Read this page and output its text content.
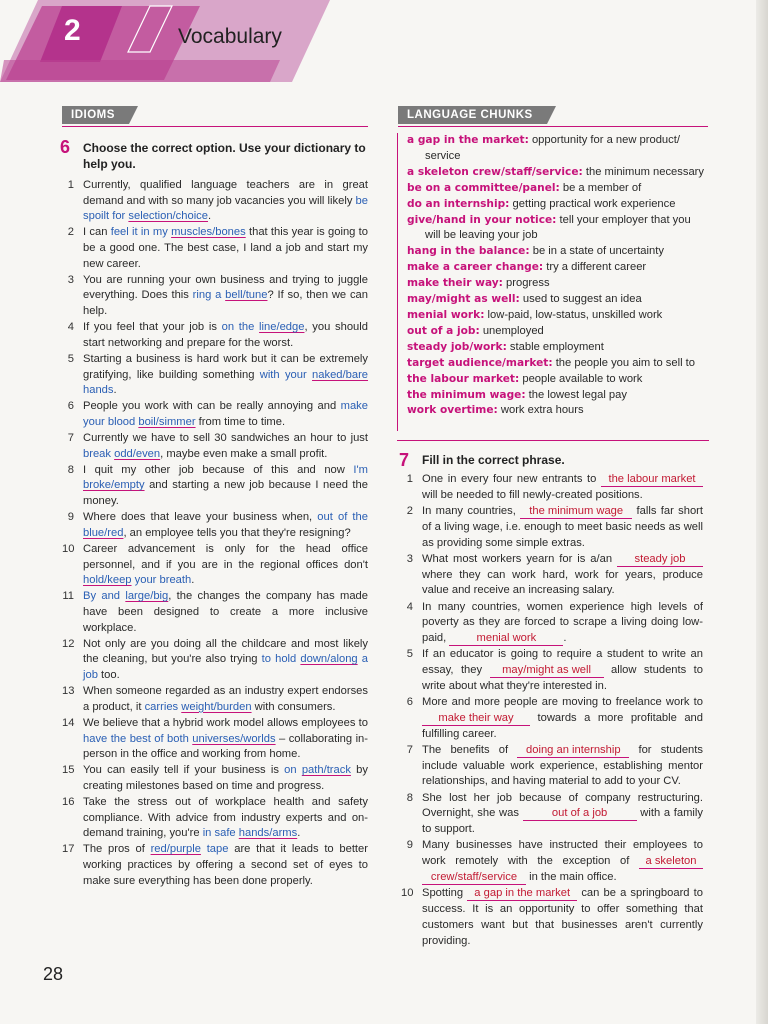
2	Vocabulary
IDIOMS
6 Choose the correct option. Use your dictionary to help you.
1 Currently, qualified language teachers are in great demand and with so many job vacancies you will likely be spoilt for selection/choice.
2 I can feel it in my muscles/bones that this year is going to be a good one. The best case, I land a job and start my new career.
3 You are running your own business and trying to juggle everything. Does this ring a bell/tune? If so, then we can help.
4 If you feel that your job is on the line/edge, you should start networking and prepare for the worst.
5 Starting a business is hard work but it can be extremely gratifying, like building something with your naked/bare hands.
6 People you work with can be really annoying and make your blood boil/simmer from time to time.
7 Currently we have to sell 30 sandwiches an hour to just break odd/even, maybe even make a small profit.
8 I quit my other job because of this and now I'm broke/empty and starting a new job because I need the money.
9 Where does that leave your business when, out of the blue/red, an employee tells you that they're resigning?
10 Career advancement is only for the head office personnel, and if you are in the regional offices don't hold/keep your breath.
11 By and large/big, the changes the company has made have been designed to create a more inclusive workplace.
12 Not only are you doing all the childcare and most likely the cleaning, but you're also trying to hold down/along a job too.
13 When someone regarded as an industry expert endorses a product, it carries weight/burden with consumers.
14 We believe that a hybrid work model allows employees to have the best of both universes/worlds – collaborating in-person in the office and working from home.
15 You can easily tell if your business is on path/track by creating milestones based on time and progress.
16 Take the stress out of workplace health and safety compliance. With advice from industry experts and on-demand training, you're in safe hands/arms.
17 The pros of red/purple tape are that it leads to better working practices by offering a second set of eyes to make sure everything has been done properly.
LANGUAGE CHUNKS
a gap in the market: opportunity for a new product/
service
a skeleton crew/staff/service: the minimum necessary
be on a committee/panel: be a member of
do an internship: getting practical work experience
give/hand in your notice: tell your employer that you
will be leaving your job
hang in the balance: be in a state of uncertainty
make a career change: try a different career
make their way: progress
may/might as well: used to suggest an idea
menial work: low-paid, low-status, unskilled work
out of a job: unemployed
steady job/work: stable employment
target audience/market: the people you aim to sell to
the labour market: people available to work
the minimum wage: the lowest legal pay
work overtime: work extra hours
7 Fill in the correct phrase.
1 One in every four new entrants to the labour market will be needed to fill newly-created positions.
2 In many countries, the minimum wage falls far short of a living wage, i.e. enough to meet basic needs as well as providing some simple extras.
3 What most workers yearn for is a/an steady job where they can work hard, work for years, produce value and receive an increasing salary.
4 In many countries, women experience high levels of poverty as they are forced to scrape a living doing low-paid, menial work .
5 If an educator is going to require a student to write an essay, they may/might as well allow students to write about what they're interested in.
6 More and more people are moving to freelance work to make their way towards a more profitable and fulfilling career.
7 The benefits of doing an internship for students include valuable work experience, establishing mentor relationships, and having material to add to your CV.
8 She lost her job because of company restructuring. Overnight, she was	out of a job	with a family to support.
9 Many businesses have instructed their employees to work remotely with the exception of a skeleton crew/staff/service in the main office.
10 Spotting a gap in the market can be a springboard to success. It is an opportunity to offer something that customers want but that businesses aren't currently providing.
28
